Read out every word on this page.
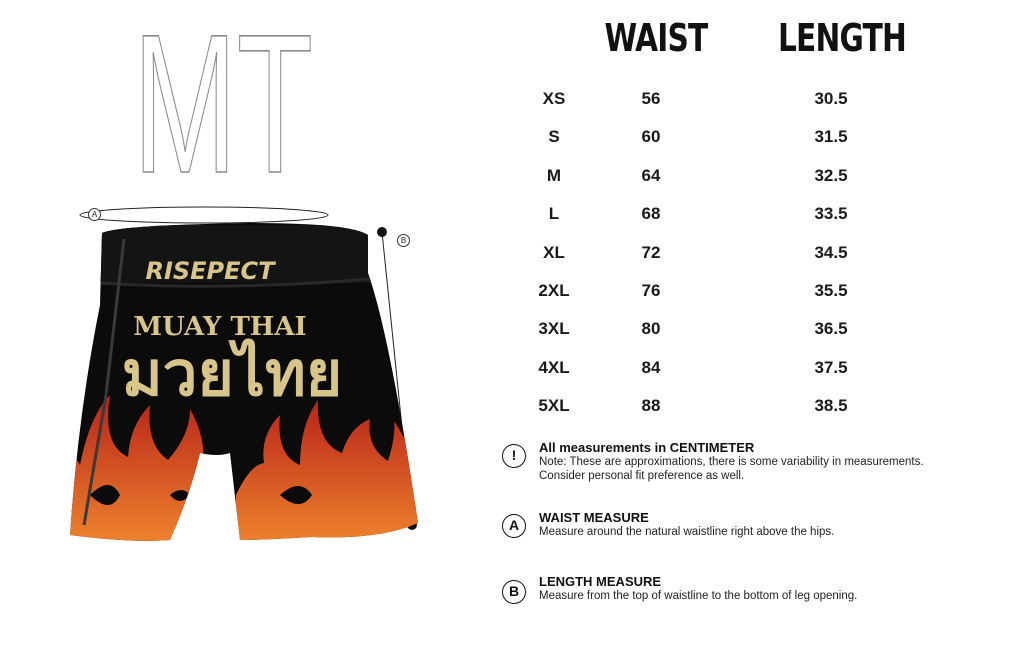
MT	WAIST	LENGTH
XS	56	30.5
S	60	31.5
M	64	32.5
L	68	33.5
XL	72	34.5
2XL	76	35.5
3XL	80	36.5
4XL	84	37.5
5XL	88	38.5
!	All measurements in CENTIMETER
Note: These are approximations, there is some variability in measurements.
Consider personal fit preference as well.
A	WAIST MEASURE
Measure around the natural waistline right above the hips.
B
LENGTH MEASURE
Measure from the top of waistline to the bottom of leg opening.
RISEPECT
MUAY THAI
มวยไทย
A
B
